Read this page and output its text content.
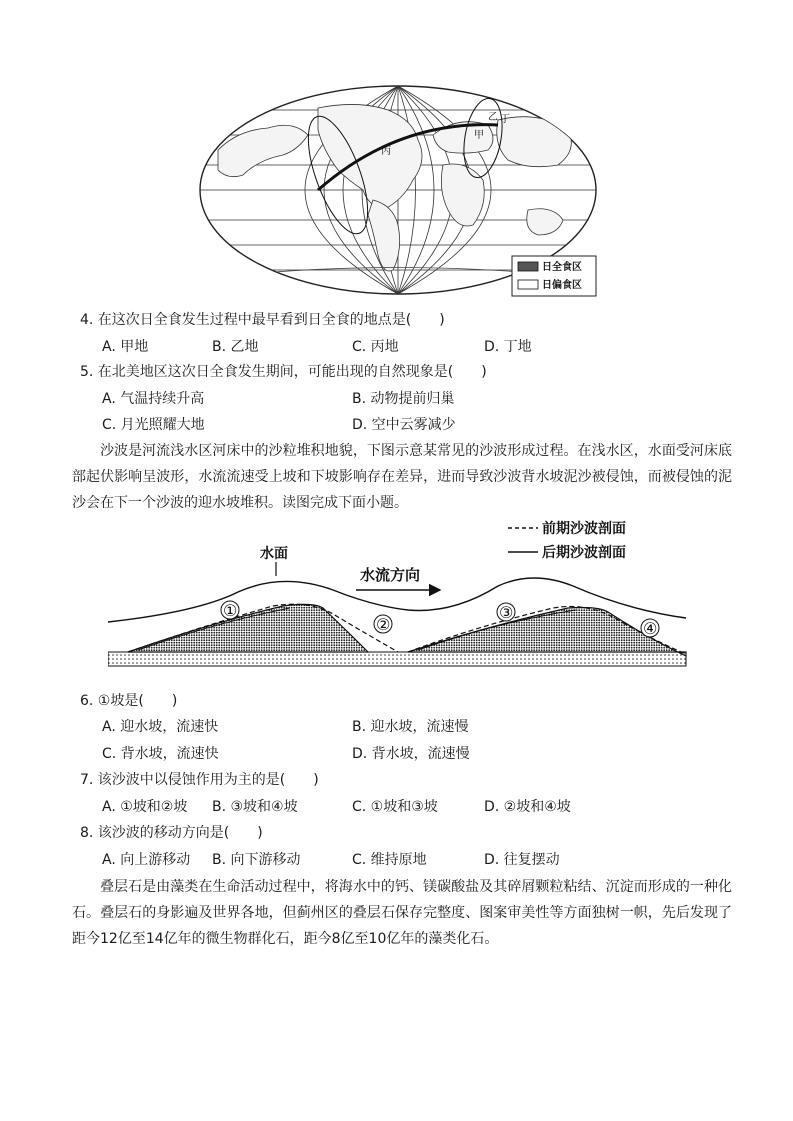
丙
甲
乙 丁
日全食区
日偏食区
4. 在这次日全食发生过程中最早看到日全食的地点是(　　)
A. 甲地	B. 乙地	C. 丙地	D. 丁地
5. 在北美地区这次日全食发生期间，可能出现的自然现象是(　　)
A. 气温持续升高	B. 动物提前归巢
C. 月光照耀大地	D. 空中云雾减少
沙波是河流浅水区河床中的沙粒堆积地貌，下图示意某常见的沙波形成过程。在浅水区，水面受河床底部起伏影响呈波形，水流流速受上坡和下坡影响存在差异，进而导致沙波背水坡泥沙被侵蚀，而被侵蚀的泥沙会在下一个沙波的迎水坡堆积。读图完成下面小题。
前期沙波剖面
后期沙波剖面
水面
水流方向
①
②
③
④
6. ①坡是(　　)
A. 迎水坡，流速快	B. 迎水坡，流速慢
C. 背水坡，流速快	D. 背水坡，流速慢
7. 该沙波中以侵蚀作用为主的是(　　)
A. ①坡和②坡 B. ③坡和④坡	C. ①坡和③坡	D. ②坡和④坡
8. 该沙波的移动方向是(　　)
A. 向上游移动 B. 向下游移动	C. 维持原地	D. 往复摆动
叠层石是由藻类在生命活动过程中，将海水中的钙、镁碳酸盐及其碎屑颗粒粘结、沉淀而形成的一种化石。叠层石的身影遍及世界各地，但蓟州区的叠层石保存完整度、图案审美性等方面独树一帜，先后发现了距今12亿至14亿年的微生物群化石，距今8亿至10亿年的藻类化石。
